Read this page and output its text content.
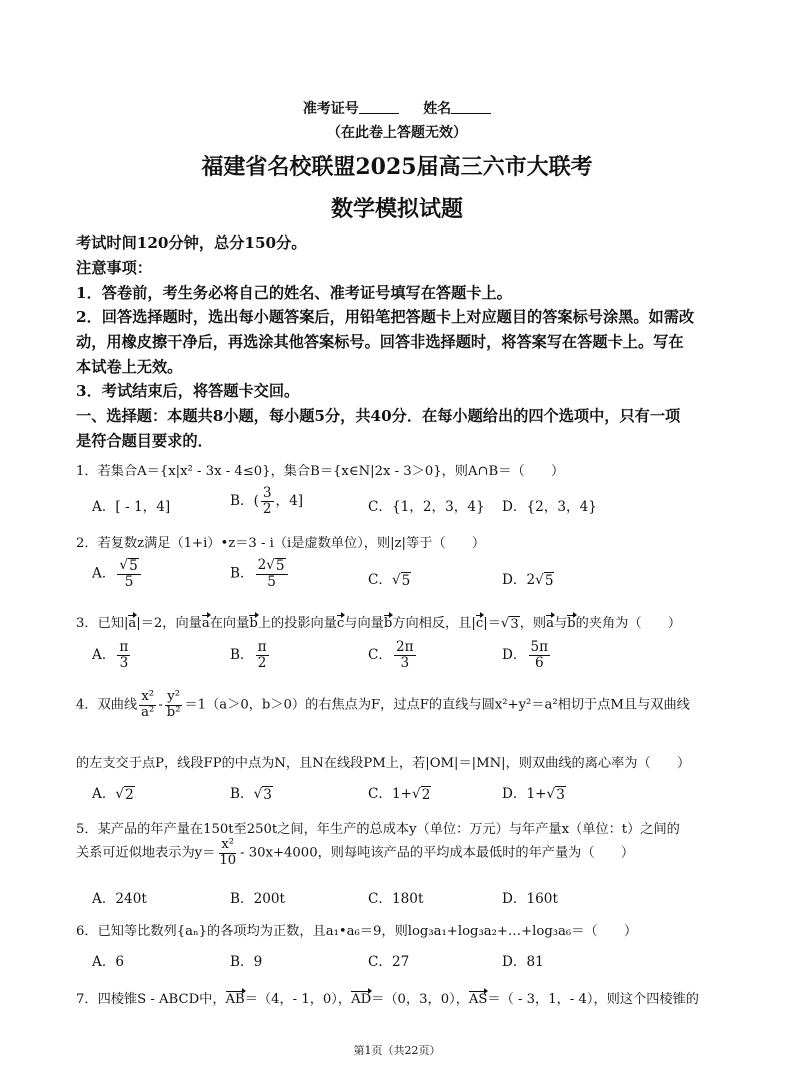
准考证号	姓名
（在此卷上答题无效）
福建省名校联盟2025届高三六市大联考
数学模拟试题
考试时间120分钟，总分150分。
注意事项：
1．答卷前，考生务必将自己的姓名、准考证号填写在答题卡上。
2．回答选择题时，选出每小题答案后，用铅笔把答题卡上对应题目的答案标号涂黑。如需改
动，用橡皮擦干净后，再选涂其他答案标号。回答非选择题时，将答案写在答题卡上。写在
本试卷上无效。
3．考试结束后，将答题卡交回。
一、选择题：本题共8小题，每小题5分，共40分．在每小题给出的四个选项中，只有一项
是符合题目要求的．
1．若集合A＝{x|x² - 3x - 4≤0}，集合B＝{x∈N|2x - 3＞0}，则A∩B＝（　　）
A．[ - 1，4]	B．( $\frac{3}{2}$ ，4]	C．{1，2，3，4} D．{2，3，4}
2．若复数z满足（1+i）•z＝3 - i（i是虚数单位），则|z|等于（　　）
A． $\frac{√ 5}{5}$	B． $\frac{2√ 5}{5}$	C．√ 5	D．2√ 5
3．已知|a|＝2，向量a在向量b上的投影向量c与向量b方向相反，且|c|＝√ 3 ，则a与b的夹角为（　　）
A． $\frac{\pi}{3}$	B． $\frac{\pi}{2}$	C． $\frac{2\pi}{3}$	D． $\frac{5\pi}{6}$
4．双曲线 $\frac{\text{x²}}{\text{a²}} - \frac{\text{y²}}{\text{b²}} =1(a>0$，b＞0）的右焦点为F，过点F的直线与圆x²+y²＝a²相切于点M且与双曲线
的左支交于点P，线段FP的中点为N，且N在线段PM上，若|OM|＝|MN|，则双曲线的离心率为（　　）
A．√ 2	B．√ 3	C．1+√ 2	D．1+√ 3
5．某产品的年产量在150t至250t之间，年生产的总成本y（单位：万元）与年产量x（单位：t）之间的
关系可近似地表示为$y= \frac{\text{x²}}{10} - 30x+4000$，则每吨该产品的平均成本最低时的年产量为（　　）
A．240t	B．200t	C．180t	D．160t
6．已知等比数列{aₙ}的各项均为正数，且a₁•a₆＝9，则log₃a₁+log₃a₂+…+log₃a₆＝（　　）
A．6	B．9	C．27	D．81
7．四棱锥S - ABCD中，AB＝（4，- 1，0），AD＝（0，3，0），AS＝（ - 3，1，- 4），则这个四棱锥的
第1页（共22页）
